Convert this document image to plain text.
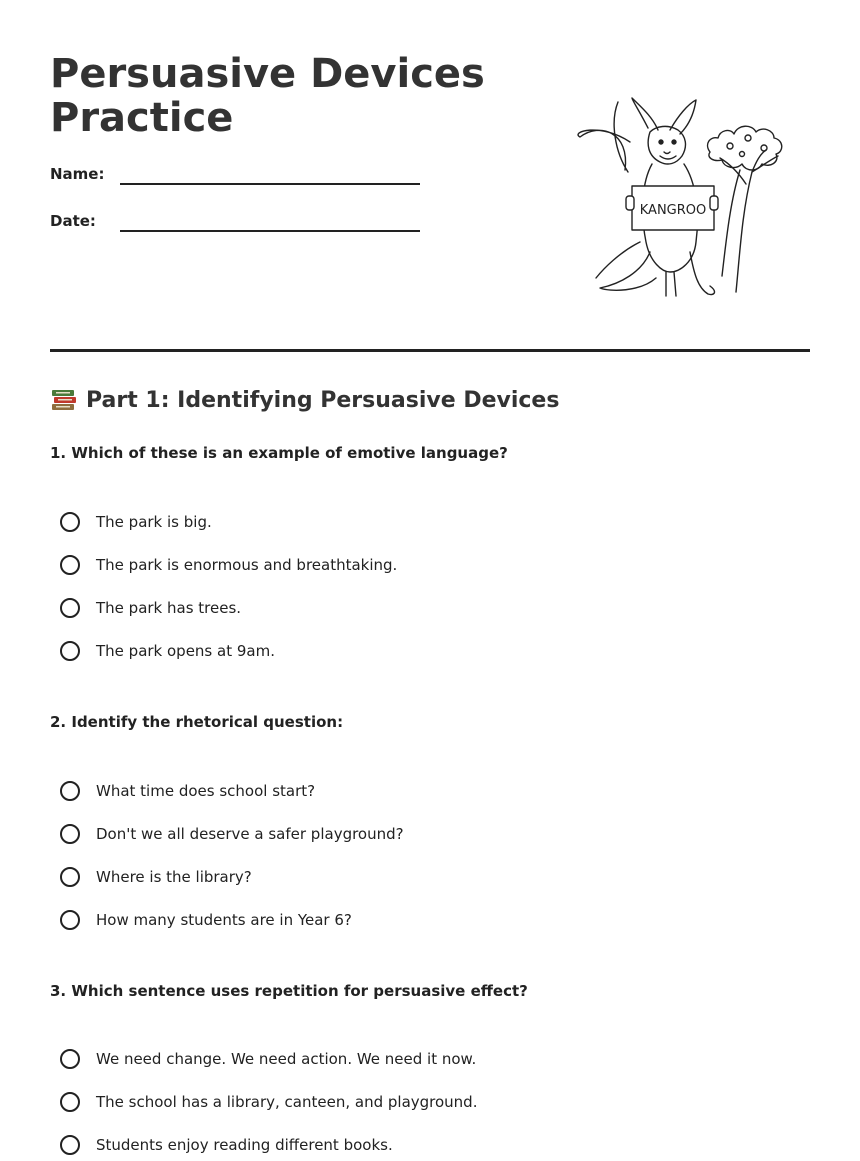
Persuasive Devices
Practice
Name:
Date:
KANGROO
Part 1: Identifying Persuasive Devices

1. Which of these is an example of emotive language?

The park is big.
The park is enormous and breathtaking.
The park has trees.
The park opens at 9am.

2. Identify the rhetorical question:

What time does school start?
Don't we all deserve a safer playground?
Where is the library?
How many students are in Year 6?

3. Which sentence uses repetition for persuasive effect?

We need change. We need action. We need it now.
The school has a library, canteen, and playground.
Students enjoy reading different books.
